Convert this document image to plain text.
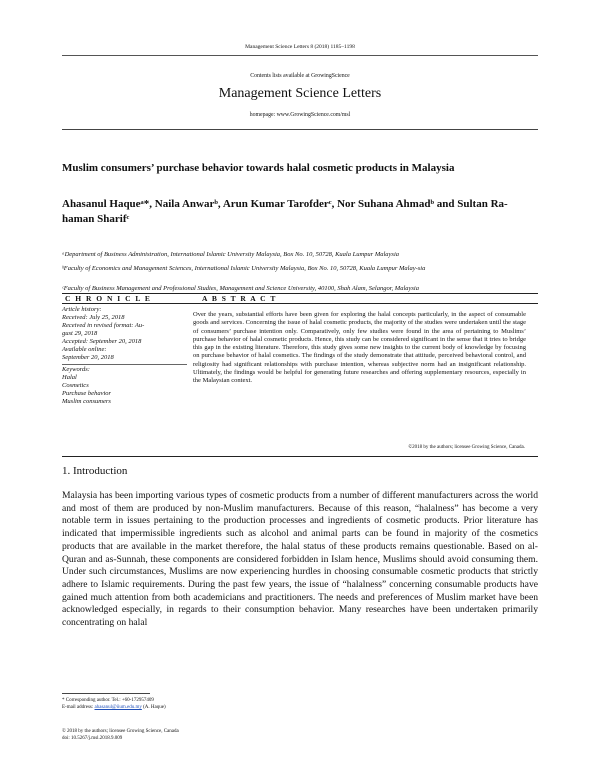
Management Science Letters 8 (2018) 1185–1198
Contents lists available at GrowingScience
Management Science Letters
homepage: www.GrowingScience.com/msl
Muslim consumers’ purchase behavior towards halal cosmetic products in Malaysia
Ahasanul Haqueᵃ*, Naila Anwarᵇ, Arun Kumar Tarofderᶜ, Nor Suhana Ahmadᵇ and Sultan Ra-haman Sharifᶜ
ᵃDepartment of Business Administration, International Islamic University Malaysia, Box No. 10, 50728, Kuala Lumpur Malaysia
ᵇFaculty of Economics and Management Sciences, International Islamic University Malaysia, Box No. 10, 50728, Kuala Lumpur Malay-sia
ᶜFaculty of Business Management and Professional Studies, Management and Science University, 40100, Shah Alam, Selangor, Malaysia
C H R O N I C L E	A B S T R A C T
Article history:
Received: July 25, 2018
Received in revised format: Au-
gust 29, 2018
Accepted: September 20, 2018
Available online:
September 20, 2018
Keywords:
Halal
Cosmetics
Purchase behavior
Muslim consumers
Over the years, substantial efforts have been given for exploring the halal concepts particularly, in the aspect of consumable goods and services. Concerning the issue of halal cosmetic products, the majority of the studies were undertaken until the stage of consumers’ purchase intention only. Comparatively, only few studies were found in the area of pertaining to Muslims’ purchase behavior of halal cosmetic products. Hence, this study can be considered significant in the sense that it tries to bridge this gap in the existing literature. Therefore, this study gives some new insights to the current body of knowledge by focusing on purchase behavior of halal cosmetics. The findings of the study demonstrate that attitude, perceived behavioral control, and religiosity had significant relationships with purchase intention, whereas subjective norm had an insignificant relationship. Ultimately, the findings would be helpful for generating future researches and offering supplementary resources, especially in the Malaysian context.
©2018 by the authors; licensee Growing Science, Canada.
1. Introduction
Malaysia has been importing various types of cosmetic products from a number of different manufacturers across the world and most of them are produced by non-Muslim manufacturers. Because of this reason, “halalness” has become a very notable term in issues pertaining to the production processes and ingredients of cosmetic products. Prior literature has indicated that impermissible ingredients such as alcohol and animal parts can be found in majority of the cosmetics products that are available in the market therefore, the halal status of these products remains questionable. Based on al-Quran and as-Sunnah, these components are considered forbidden in Islam hence, Muslims should avoid consuming them. Under such circumstances, Muslims are now experiencing hurdles in choosing consumable cosmetic products that strictly adhere to Islamic requirements. During the past few years, the issue of “halalness” concerning consumable products have gained much attention from both academicians and practitioners. The needs and preferences of Muslim market have been acknowledged especially, in regards to their consumption behavior. Many researches have been undertaken primarily concentrating on halal
* Corresponding author. Tel.: +60-172957409
E-mail address: ahasanul@iium.edu.my (A. Haque)
© 2018 by the authors; licensee Growing Science, Canada
doi: 10.5267/j.msl.2018.9.009
